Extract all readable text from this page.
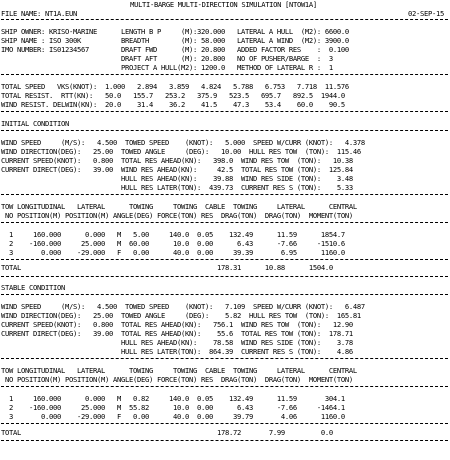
MULTI-BARGE MULTI-DIRECTION SIMULATION [NTOW1A]
FILE NAME: NT1A.EUN
SHIP OWNER: KRISO-MARINE      LENGTH B P     (M):320.000   LATERAL A HULL  (M2): 6600.0
SHIP NAME : ISO 300K          BREADTH        (M): 58.000   LATERAL A WIND  (M2): 3900.0
IMO NUMBER: IS01234567        DRAFT FWD      (M): 20.800   ADDED FACTOR RES    :  0.100
DRAFT AFT      (M): 20.800   NO OF PUSHER/BARGE  :  3
PROJECT A HULL(M2): 1200.0   METHOD OF LATERAL R :  1
TOTAL SPEED   VKS(KNOT):  1.000   2.894   3.859   4.824   5.788   6.753   7.718  11.576
TOTAL RESIST.  RTT(KN):   50.0   155.7   253.2   375.9   523.5   695.7   892.5  1944.0
WIND RESIST. DELWIN(KN):  20.0    31.4    36.2    41.5    47.3    53.4    60.0    90.5
INITIAL CONDITION
WIND SPEED     (M/S):   4.500  TOWED SPEED    (KNOT):   5.000  SPEED W/CURR (KNOT):   4.378
WIND DIRECTION(DEG):   25.00  TOWED ANGLE     (DEG):   10.00  HULL RES TOW  (TON):  115.46
CURRENT SPEED(KNOT):   0.800  TOTAL RES AHEAD(KN):   398.0  WIND RES TOW  (TON):   10.38
CURRENT DIRECT(DEG):   39.00  WIND RES AHEAD(KN):     42.5  TOTAL RES TOW (TON):  125.84
HULL RES AHEAD(KN):    39.88  WIND RES SIDE (TON):    3.48
HULL RES LATER(TON):  439.73  CURRENT RES S (TON):    5.33
TOW LONGITUDINAL   LATERAL      TOWING     TOWING  CABLE  TOWING     LATERAL      CENTRAL
NO POSITION(M) POSITION(M) ANGLE(DEG) FORCE(TON) RES  DRAG(TON)  DRAG(TON)  MOMENT(TON)
1     160.000      0.000   M   5.00     140.0  0.05    132.49      11.59      1854.7
2    -160.000     25.000   M  60.00      10.0  0.00      6.43      -7.66     -1510.6
3       0.000    -29.000   F   0.00      40.0  0.00     39.39       6.95      1160.0
TOTAL                                                 178.31      10.88      1504.0
STABLE CONDITION
WIND SPEED     (M/S):   4.500  TOWED SPEED    (KNOT):   7.109  SPEED W/CURR (KNOT):   6.487
WIND DIRECTION(DEG):   25.00  TOWED ANGLE     (DEG):    5.82  HULL RES TOW  (TON):  165.81
CURRENT SPEED(KNOT):   0.800  TOTAL RES AHEAD(KN):   756.1  WIND RES TOW  (TON):   12.90
CURRENT DIRECT(DEG):   39.00  TOTAL RES AHEAD(KN):    55.6  TOTAL RES TOW (TON):  178.71
HULL RES AHEAD(KN):    78.58  WIND RES SIDE (TON):    3.78
HULL RES LATER(TON):  864.39  CURRENT RES S (TON):    4.86
TOW LONGITUDINAL   LATERAL      TOWING     TOWING  CABLE  TOWING     LATERAL      CENTRAL
NO POSITION(M) POSITION(M) ANGLE(DEG) FORCE(TON) RES  DRAG(TON)  DRAG(TON)  MOMENT(TON)
1     160.000      0.000   M   0.82     140.0  0.05    132.49      11.59       304.1
2    -160.000     25.000   M  55.82      10.0  0.00      6.43      -7.66     -1464.1
3       0.000    -29.000   F   0.00      40.0  0.00     39.79       4.06      1160.0
TOTAL                                                 178.72       7.99         0.0
02-SEP-15
